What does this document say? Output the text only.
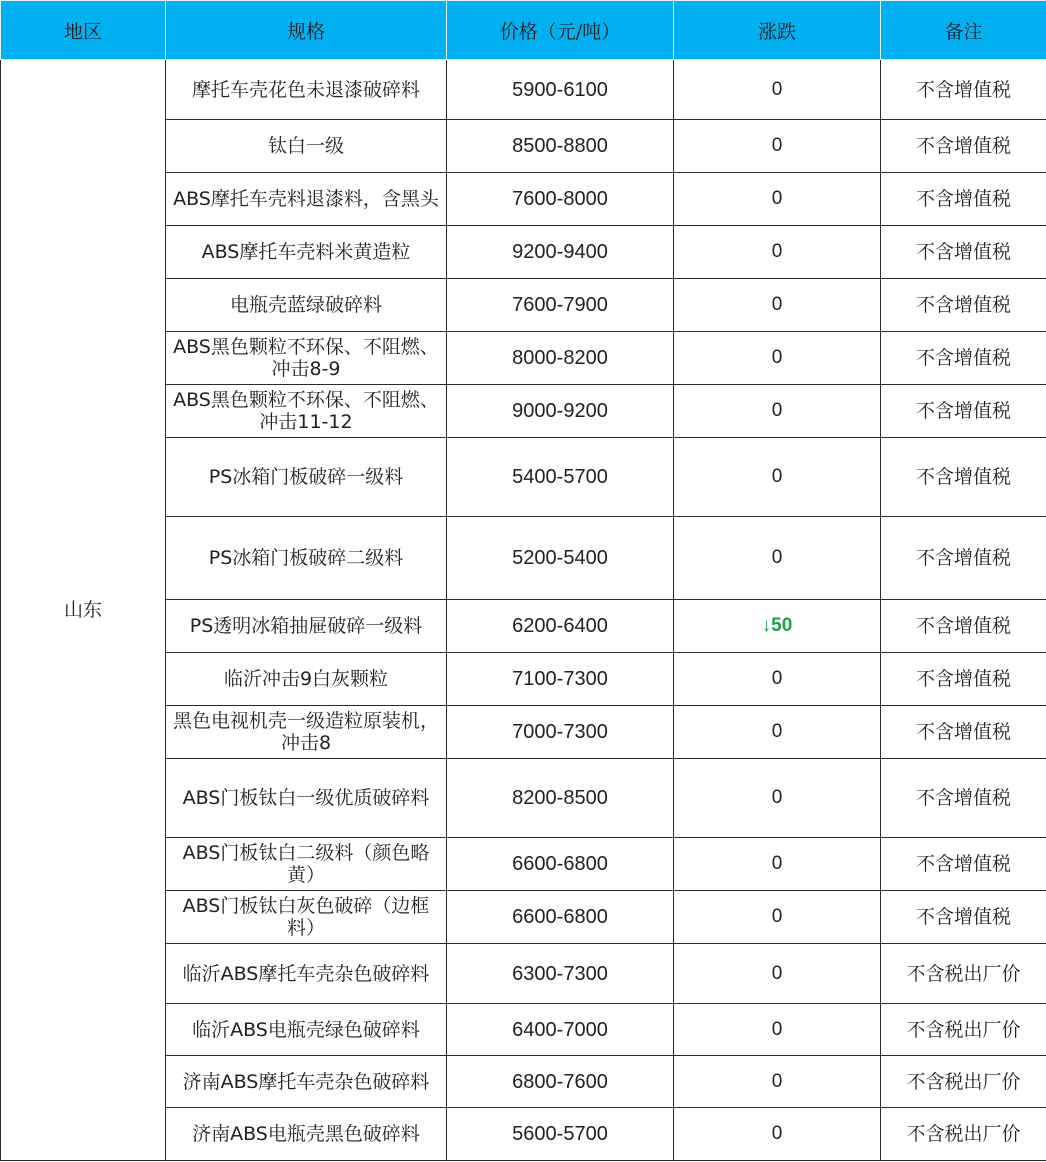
地区	规格	价格（元/吨）	涨跌	备注
山东	摩托车壳花色未退漆破碎料	5900-6100	0	不含增值税
	钛白一级	8500-8800	0	不含增值税
	ABS摩托车壳料退漆料，含黑头	7600-8000	0	不含增值税
	ABS摩托车壳料米黄造粒	9200-9400	0	不含增值税
	电瓶壳蓝绿破碎料	7600-7900	0	不含增值税
	ABS黑色颗粒不环保、不阻燃、冲击8-9	8000-8200	0	不含增值税
	ABS黑色颗粒不环保、不阻燃、冲击11-12	9000-9200	0	不含增值税
	PS冰箱门板破碎一级料	5400-5700	0	不含增值税
	PS冰箱门板破碎二级料	5200-5400	0	不含增值税
	PS透明冰箱抽屉破碎一级料	6200-6400	↓50	不含增值税
	临沂冲击9白灰颗粒	7100-7300	0	不含增值税
	黑色电视机壳一级造粒原装机，冲击8	7000-7300	0	不含增值税
	ABS门板钛白一级优质破碎料	8200-8500	0	不含增值税
	ABS门板钛白二级料（颜色略黄）	6600-6800	0	不含增值税
	ABS门板钛白灰色破碎（边框料）	6600-6800	0	不含增值税
	临沂ABS摩托车壳杂色破碎料	6300-7300	0	不含税出厂价
	临沂ABS电瓶壳绿色破碎料	6400-7000	0	不含税出厂价
	济南ABS摩托车壳杂色破碎料	6800-7600	0	不含税出厂价
	济南ABS电瓶壳黑色破碎料	5600-5700	0	不含税出厂价
